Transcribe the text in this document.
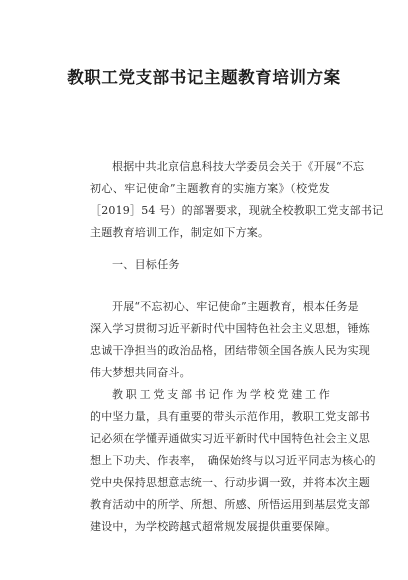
教职工党支部书记主题教育培训方案
根据中共北京信息科技大学委员会关于《开展“不忘
初心、牢记使命”主题教育的实施方案》（校党发
［2019］54 号）的部署要求，现就全校教职工党支部书记
主题教育培训工作，制定如下方案。
一、目标任务
开展“不忘初心、牢记使命”主题教育，根本任务是
深入学习贯彻习近平新时代中国特色社会主义思想，锤炼
忠诚干净担当的政治品格，团结带领全国各族人民为实现
伟大梦想共同奋斗。
教职工党支部书记作为学校党建工作
的中坚力量，具有重要的带头示范作用，教职工党支部书
记必须在学懂弄通做实习近平新时代中国特色社会主义思
想上下功夫、作表率，　确保始终与以习近平同志为核心的
党中央保持思想意志统一、行动步调一致，并将本次主题
教育活动中的所学、所想、所感、所悟运用到基层党支部
建设中，为学校跨越式超常规发展提供重要保障。
